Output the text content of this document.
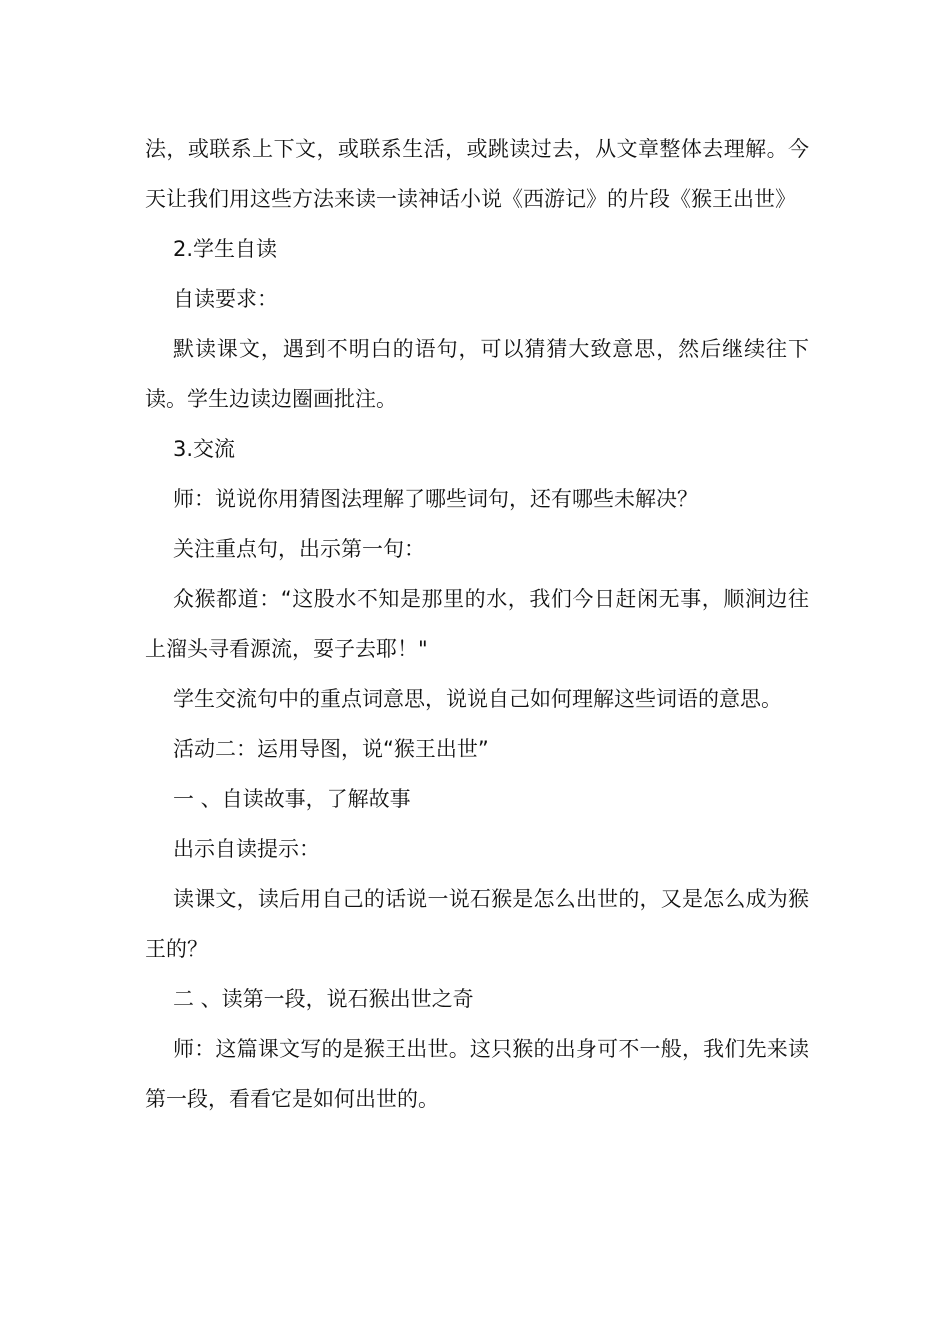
法，或联系上下文，或联系生活，或跳读过去，从文章整体去理解。今天让我们用这些方法来读一读神话小说《西游记》的片段《猴王出世》

2.学生自读

自读要求：

默读课文，遇到不明白的语句，可以猜猜大致意思，然后继续往下读。学生边读边圈画批注。

3.交流

师：说说你用猜图法理解了哪些词句，还有哪些未解决？

关注重点句，出示第一句：

众猴都道：“这股水不知是那里的水，我们今日赶闲无事，顺涧边往上溜头寻看源流，耍子去耶！"

学生交流句中的重点词意思，说说自己如何理解这些词语的意思。

活动二：运用导图，说“猴王出世”

一 、自读故事，了解故事

出示自读提示：

读课文，读后用自己的话说一说石猴是怎么出世的，又是怎么成为猴王的？

二 、读第一段，说石猴出世之奇

师：这篇课文写的是猴王出世。这只猴的出身可不一般，我们先来读第一段，看看它是如何出世的。
